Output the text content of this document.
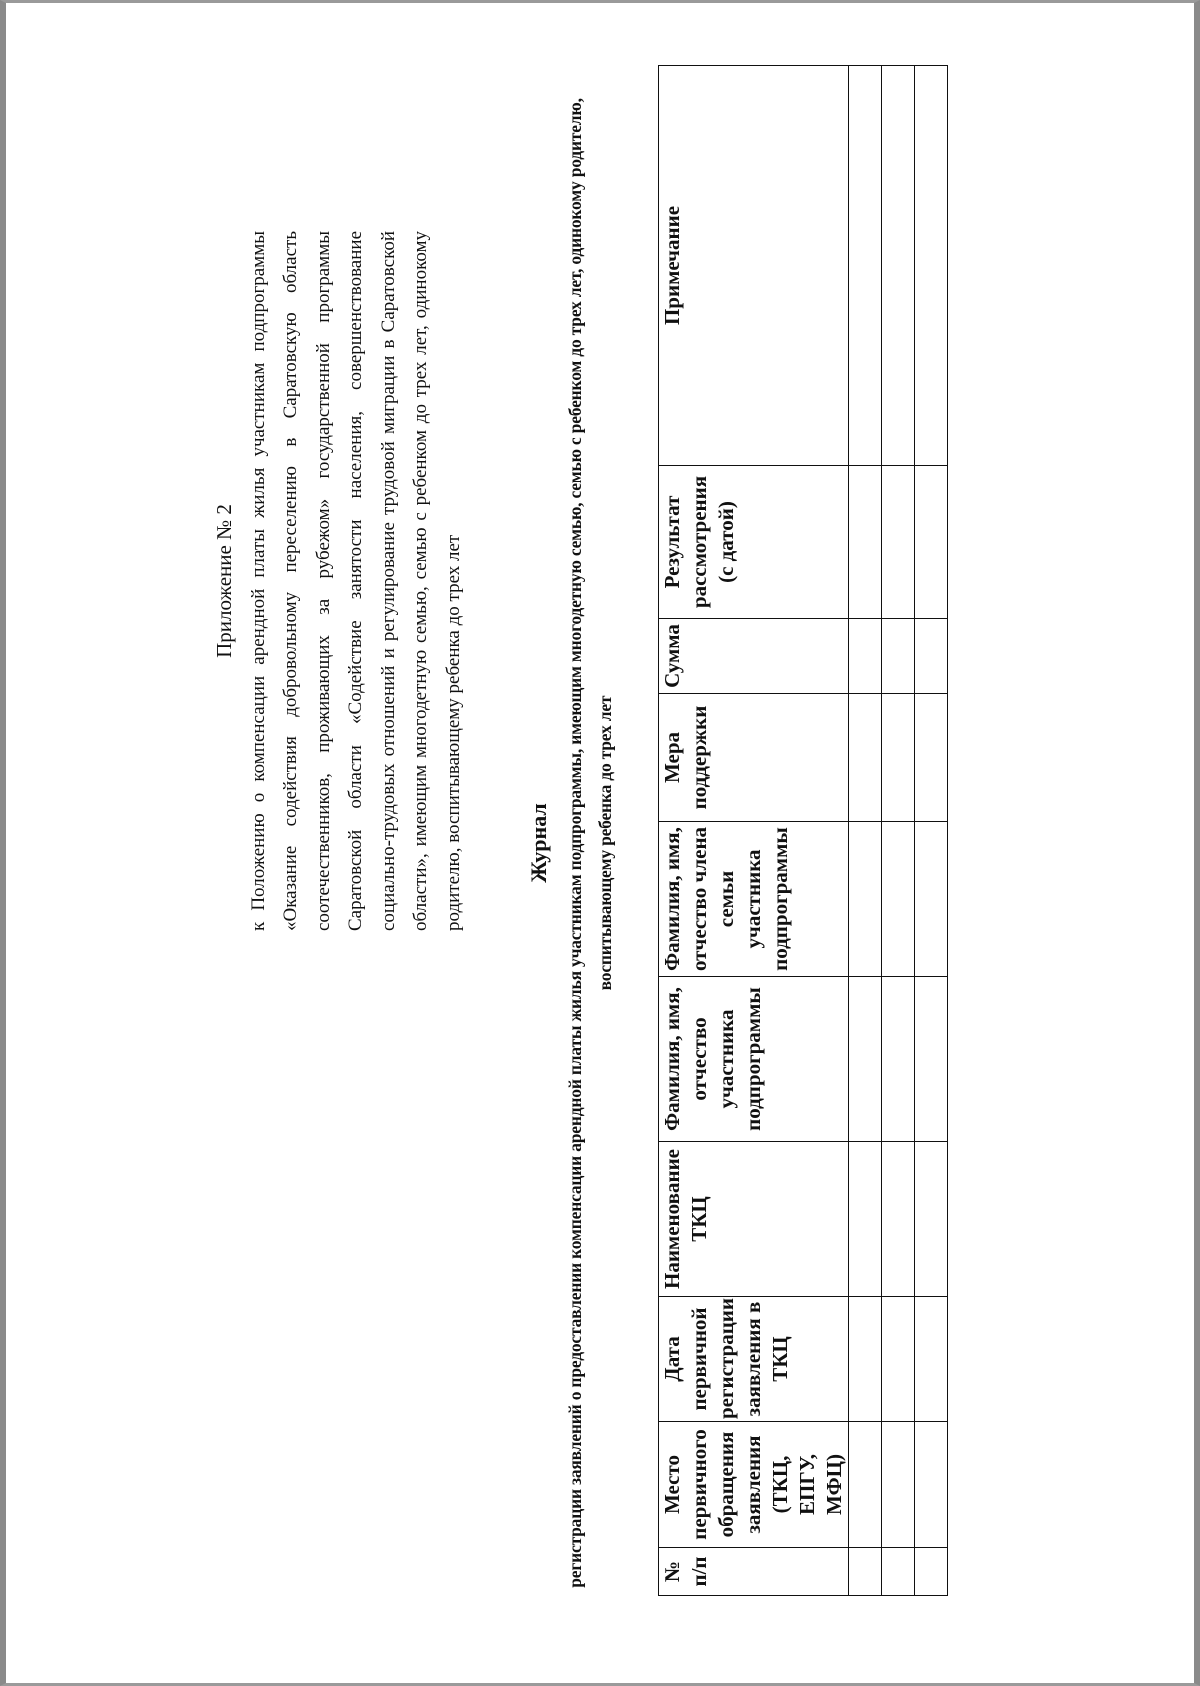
Приложение № 2 к Положению о компенсации арендной платы жилья участникам подпрограммы «Оказание содействия добровольному переселению в Саратовскую область соотечественников, проживающих за рубежом» государственной программы Саратовской области «Содействие занятости населения, совершенствование социально-трудовых отношений и регулирование трудовой миграции в Саратовской области», имеющим многодетную семью, семью с ребенком до трех лет, одинокому родителю, воспитывающему ребенка до трех лет	Журнал регистрации заявлений о предоставлении компенсации арендной платы жилья участникам подпрограммы, имеющим многодетную семью, семью с ребенком до трех лет, одинокому родителю, воспитывающему ребенка до трех лет
№ п/п	Место первичного обращения заявления (ТКЦ, ЕПГУ, МФЦ)	Дата первичной регистрации заявления в ТКЦ	Наименование ТКЦ	Фамилия, имя, отчество участника подпрограммы	Фамилия, имя, отчество члена семьи участника подпрограммы	Мера поддержки	Сумма	Результат рассмотрения (с датой)	Примечание
